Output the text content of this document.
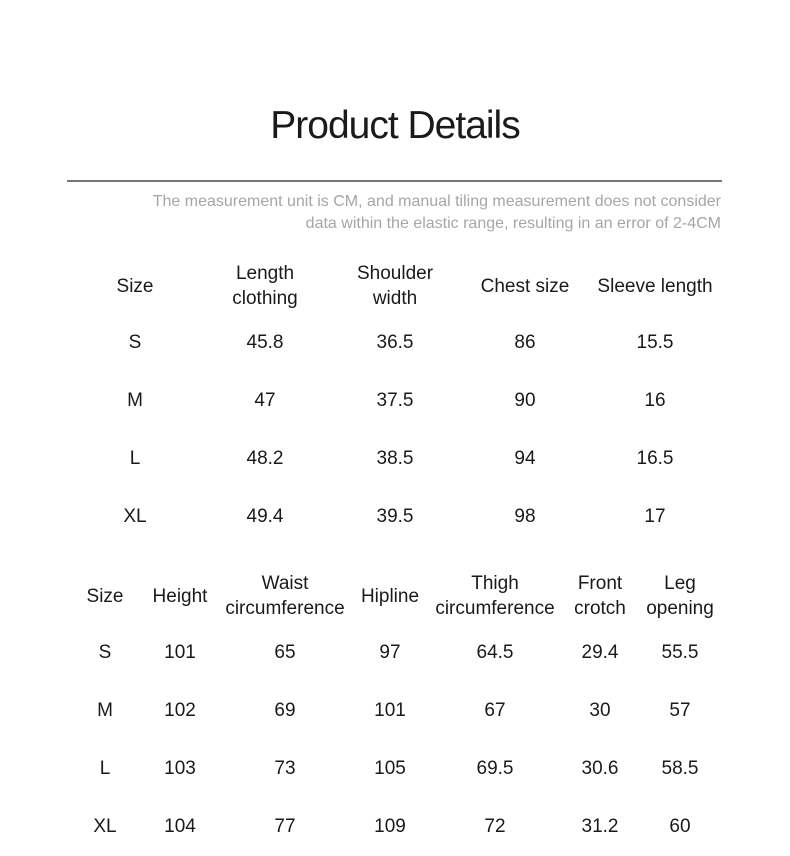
Product Details
The measurement unit is CM, and manual tiling measurement does not consider data within the elastic range, resulting in an error of 2-4CM
Size	Length clothing	Shoulder width	Chest size	Sleeve length
S	45.8	36.5	86	15.5
M	47	37.5	90	16
L	48.2	38.5	94	16.5
XL	49.4	39.5	98	17
Size	Height	Waist circumference	Hipline	Thigh circumference	Front crotch	Leg opening
S	101	65	97	64.5	29.4	55.5
M	102	69	101	67	30	57
L	103	73	105	69.5	30.6	58.5
XL	104	77	109	72	31.2	60
